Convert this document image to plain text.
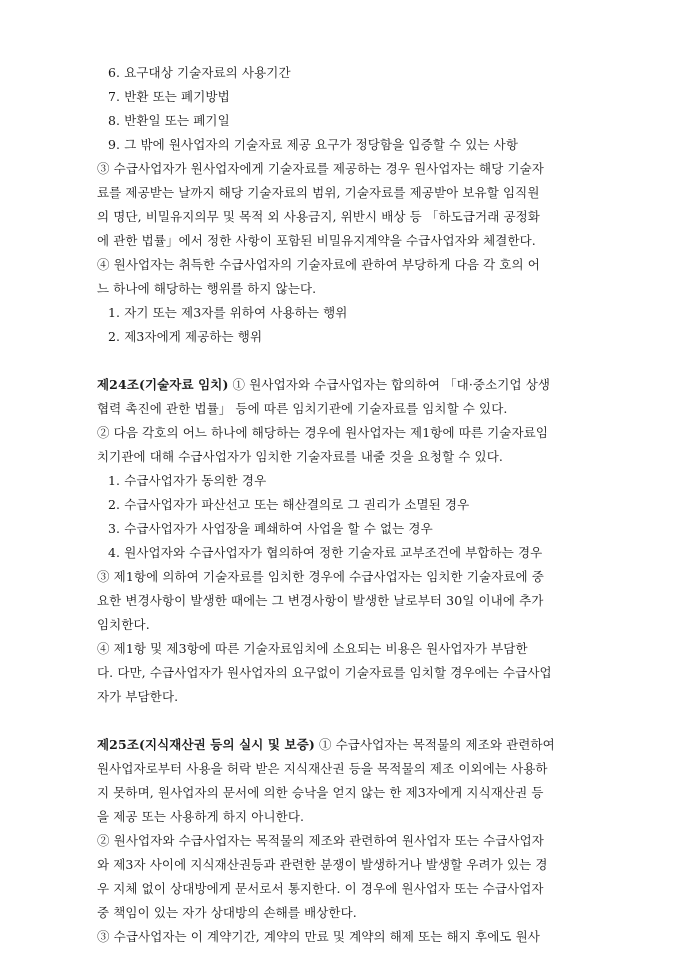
6. 요구대상 기술자료의 사용기간
7. 반환 또는 폐기방법
8. 반환일 또는 폐기일
9. 그 밖에 원사업자의 기술자료 제공 요구가 정당함을 입증할 수 있는 사항
③ 수급사업자가 원사업자에게 기술자료를 제공하는 경우 원사업자는 해당 기술자
료를 제공받는 날까지 해당 기술자료의 범위, 기술자료를 제공받아 보유할 임직원
의 명단, 비밀유지의무 및 목적 외 사용금지, 위반시 배상 등 「하도급거래 공정화
에 관한 법률」에서 정한 사항이 포함된 비밀유지계약을 수급사업자와 체결한다.
④ 원사업자는 취득한 수급사업자의 기술자료에 관하여 부당하게 다음 각 호의 어
느 하나에 해당하는 행위를 하지 않는다.
1. 자기 또는 제3자를 위하여 사용하는 행위
2. 제3자에게 제공하는 행위
제24조(기술자료 임치) ① 원사업자와 수급사업자는 합의하여 「대·중소기업 상생
협력 촉진에 관한 법률」 등에 따른 임치기관에 기술자료를 임치할 수 있다.
② 다음 각호의 어느 하나에 해당하는 경우에 원사업자는 제1항에 따른 기술자료임
치기관에 대해 수급사업자가 임치한 기술자료를 내줄 것을 요청할 수 있다.
1. 수급사업자가 동의한 경우
2. 수급사업자가 파산선고 또는 해산결의로 그 권리가 소멸된 경우
3. 수급사업자가 사업장을 폐쇄하여 사업을 할 수 없는 경우
4. 원사업자와 수급사업자가 협의하여 정한 기술자료 교부조건에 부합하는 경우
③ 제1항에 의하여 기술자료를 임치한 경우에 수급사업자는 임치한 기술자료에 중
요한 변경사항이 발생한 때에는 그 변경사항이 발생한 날로부터 30일 이내에 추가
임치한다.
④ 제1항 및 제3항에 따른 기술자료임치에 소요되는 비용은 원사업자가 부담한
다. 다만, 수급사업자가 원사업자의 요구없이 기술자료를 임치할 경우에는 수급사업
자가 부담한다.
제25조(지식재산권 등의 실시 및 보증) ① 수급사업자는 목적물의 제조와 관련하여
원사업자로부터 사용을 허락 받은 지식재산권 등을 목적물의 제조 이외에는 사용하
지 못하며, 원사업자의 문서에 의한 승낙을 얻지 않는 한 제3자에게 지식재산권 등
을 제공 또는 사용하게 하지 아니한다.
② 원사업자와 수급사업자는 목적물의 제조와 관련하여 원사업자 또는 수급사업자
와 제3자 사이에 지식재산권등과 관련한 분쟁이 발생하거나 발생할 우려가 있는 경
우 지체 없이 상대방에게 문서로서 통지한다. 이 경우에 원사업자 또는 수급사업자
중 책임이 있는 자가 상대방의 손해를 배상한다.
③ 수급사업자는 이 계약기간, 계약의 만료 및 계약의 해제 또는 해지 후에도 원사
